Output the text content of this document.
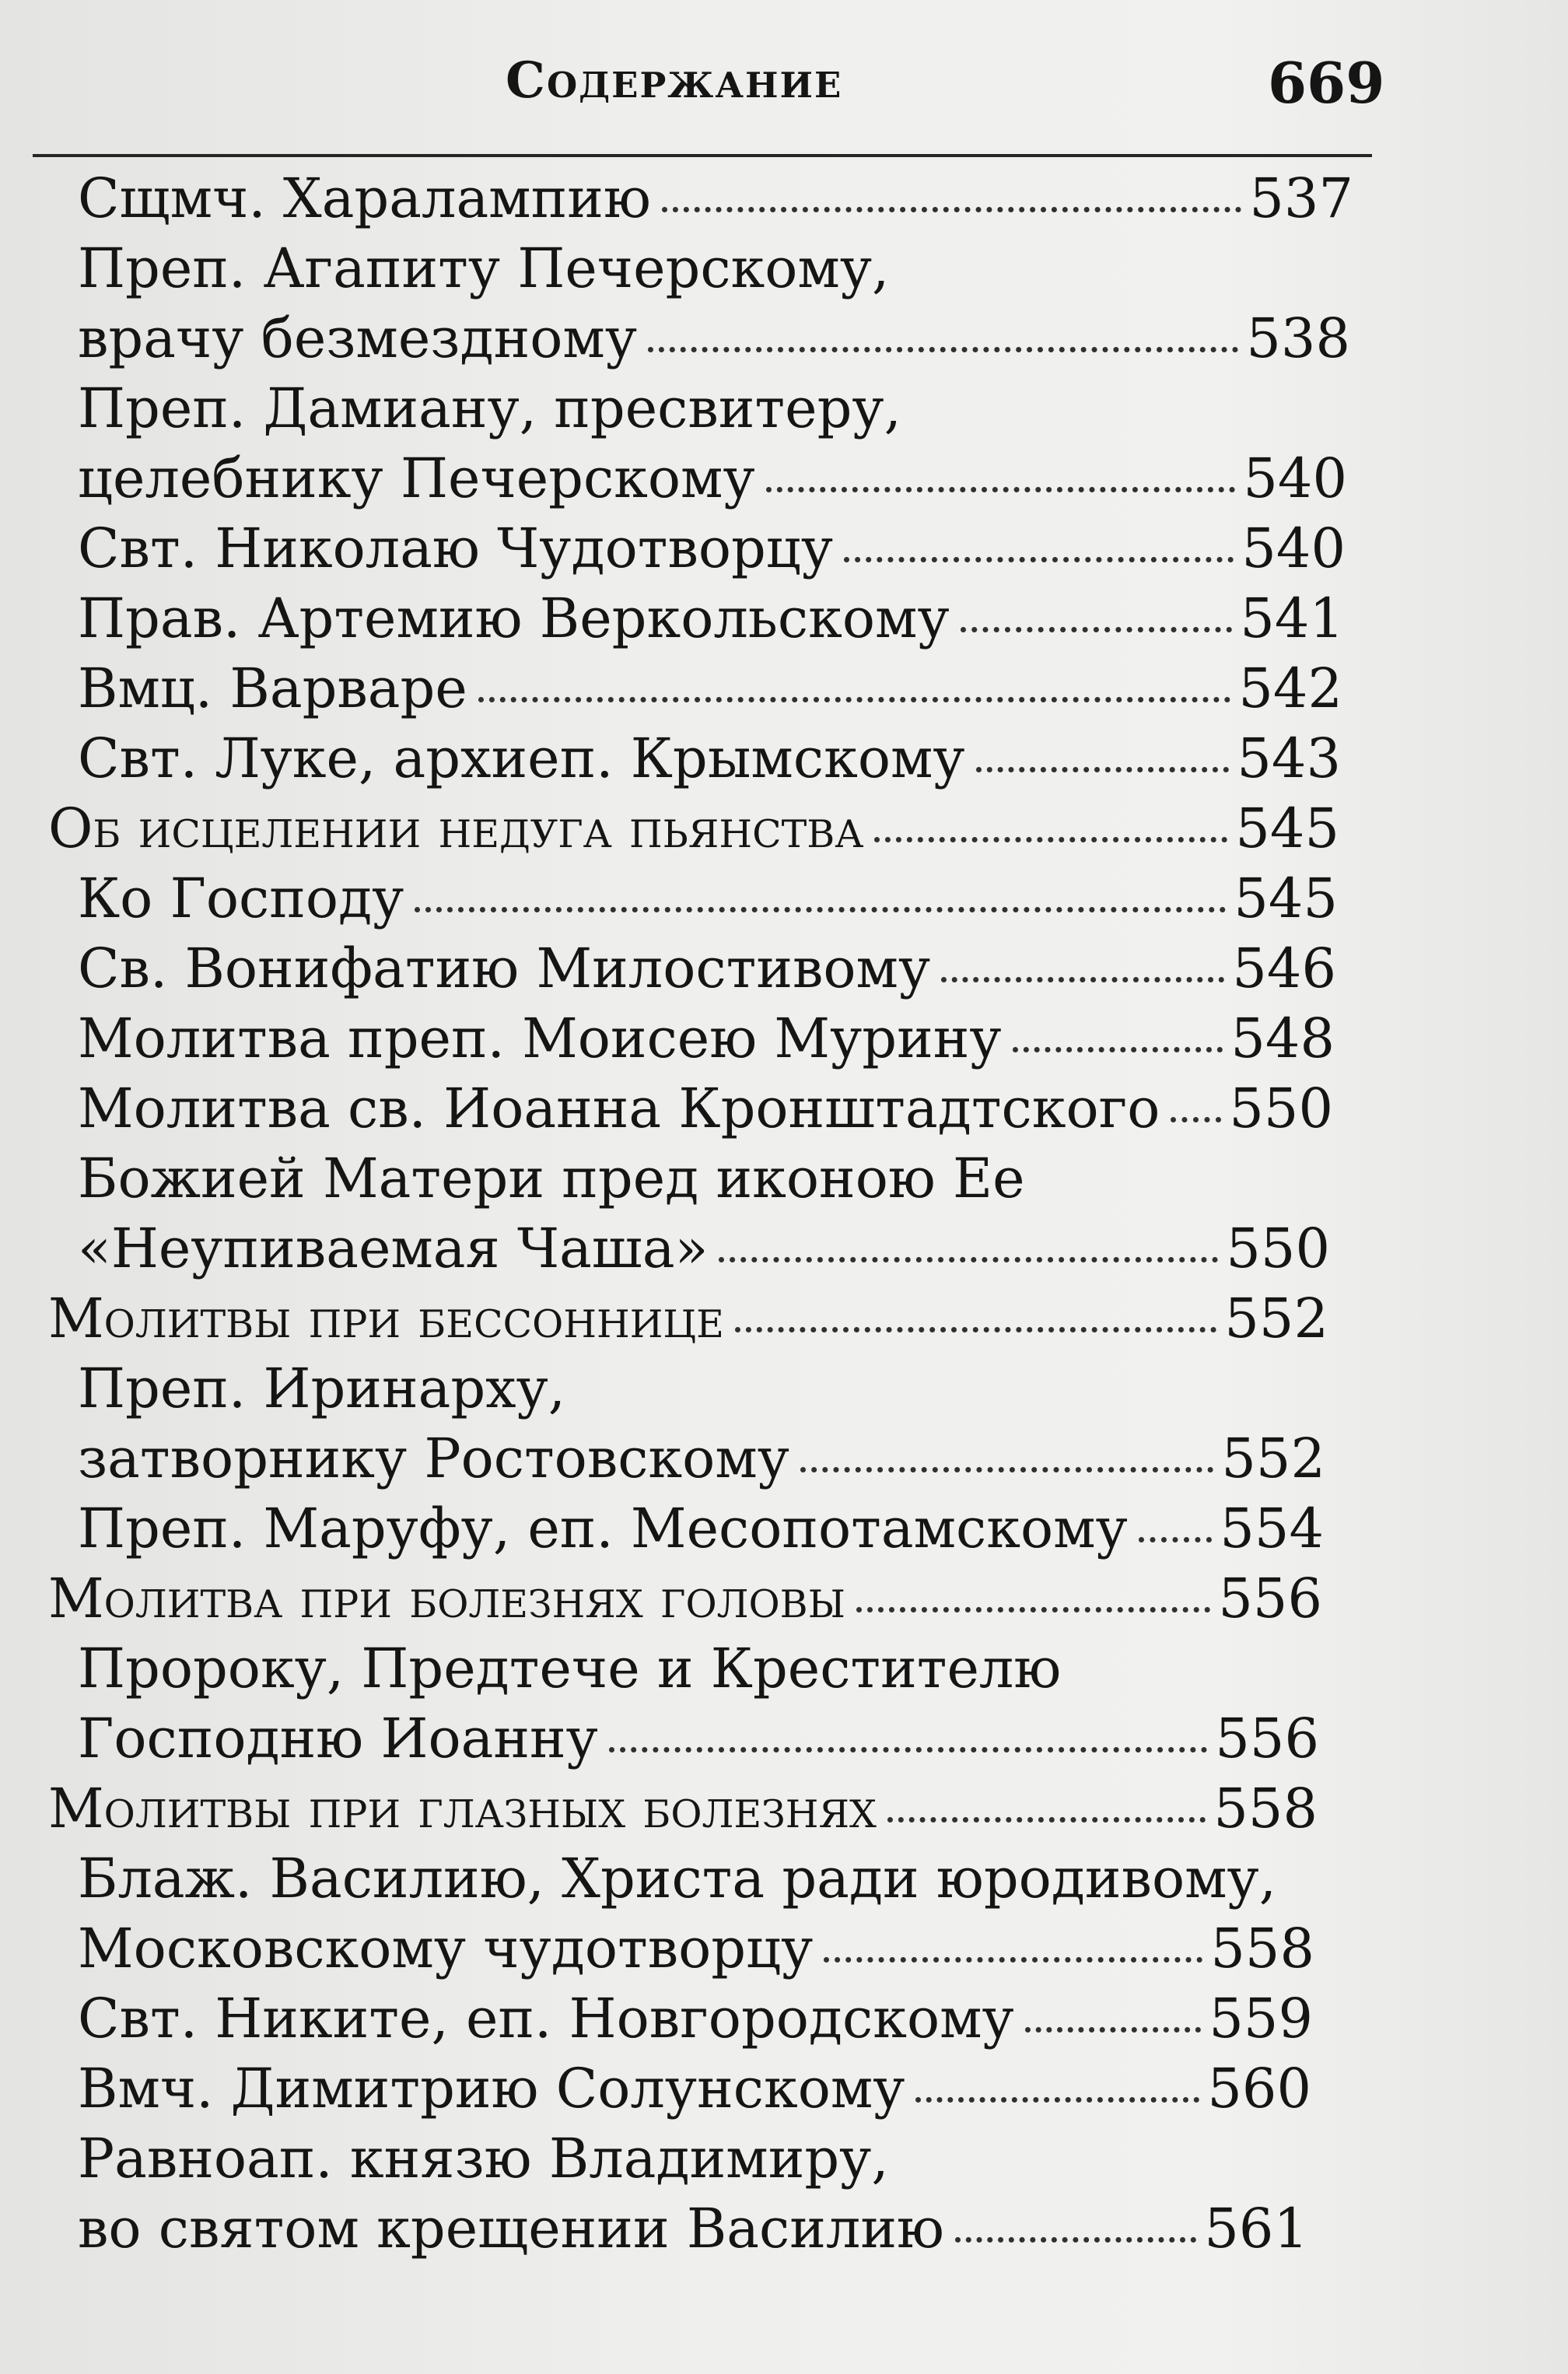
Содержание	669
Сщмч. Харалампию	537
Преп. Агапиту Печерскому,
врачу безмездному	538
Преп. Дамиану, пресвитеру,
целебнику Печерскому	540
Свт. Николаю Чудотворцу	540
Прав. Артемию Веркольскому	541
Вмц. Варваре	542
Свт. Луке, архиеп. Крымскому	543
Об исцелении недуга пьянства	545
Ко Господу	545
Св. Вонифатию Милостивому	546
Молитва преп. Моисею Мурину	548
Молитва св. Иоанна Кронштадтского 550
Божией Матери пред иконою Ее
«Неупиваемая Чаша»	550
Молитвы при бессоннице	552
Преп. Иринарху,
затворнику Ростовскому	552
Преп. Маруфу, еп. Месопотамскому 554
Молитва при болезнях головы	556
Пророку, Предтече и Крестителю
Господню Иоанну	556
Молитвы при глазных болезнях	558
Блаж. Василию, Христа ради юродивому,
Московскому чудотворцу	558
Свт. Никите, еп. Новгородскому	559
Вмч. Димитрию Солунскому	560
Равноап. князю Владимиру,
во святом крещении Василию	561
